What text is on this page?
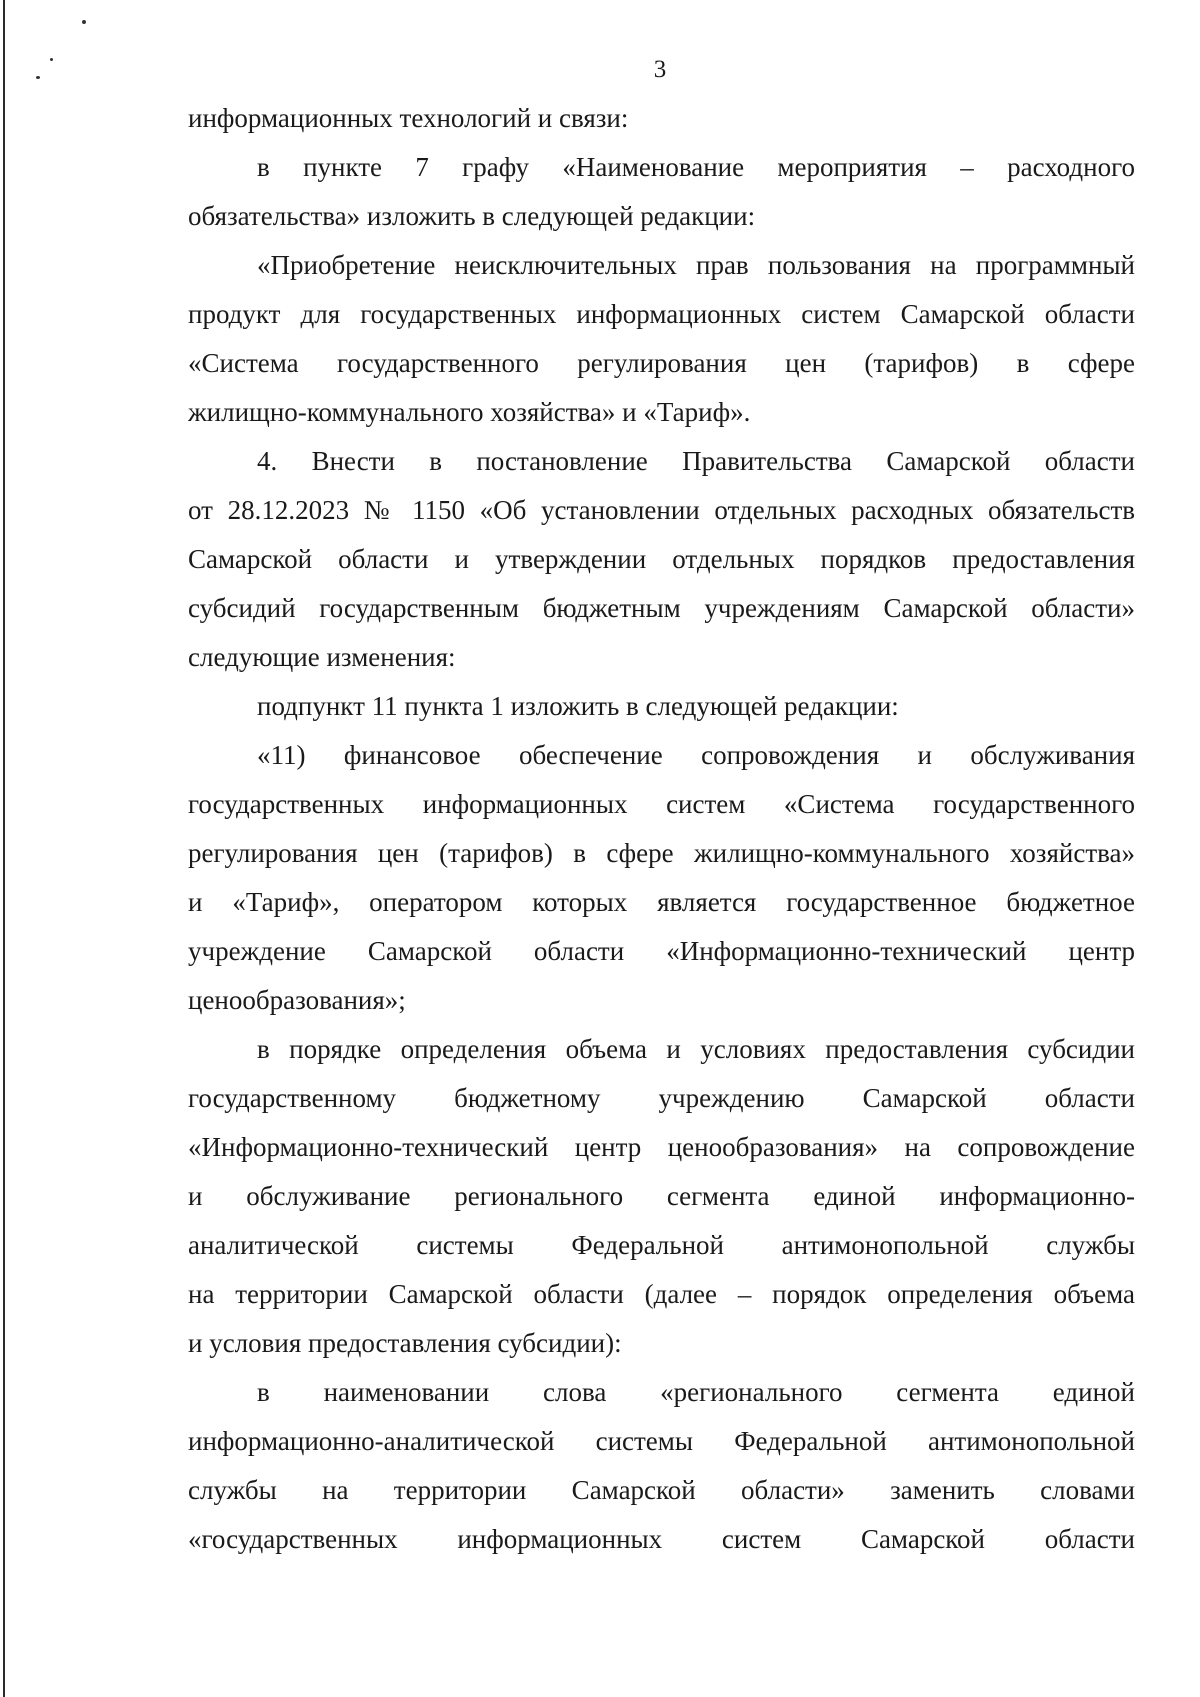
3
информационных технологий и связи:
в пункте 7 графу «Наименование мероприятия – расходного
обязательства» изложить в следующей редакции:
«Приобретение неисключительных прав пользования на программный
продукт для государственных информационных систем Самарской области
«Система государственного регулирования цен (тарифов) в сфере
жилищно-коммунального хозяйства» и «Тариф».
4. Внести в постановление Правительства Самарской области
от 28.12.2023 № 1150 «Об установлении отдельных расходных обязательств
Самарской области и утверждении отдельных порядков предоставления
субсидий государственным бюджетным учреждениям Самарской области»
следующие изменения:
подпункт 11 пункта 1 изложить в следующей редакции:
«11) финансовое обеспечение сопровождения и обслуживания
государственных информационных систем «Система государственного
регулирования цен (тарифов) в сфере жилищно-коммунального хозяйства»
и «Тариф», оператором которых является государственное бюджетное
учреждение Самарской области «Информационно-технический центр
ценообразования»;
в порядке определения объема и условиях предоставления субсидии
государственному бюджетному учреждению Самарской области
«Информационно-технический центр ценообразования» на сопровождение
и обслуживание регионального сегмента единой информационно-
аналитической системы Федеральной антимонопольной службы
на территории Самарской области (далее – порядок определения объема
и условия предоставления субсидии):
в наименовании слова «регионального сегмента единой
информационно-аналитической системы Федеральной антимонопольной
службы на территории Самарской области» заменить словами
«государственных информационных систем Самарской области
